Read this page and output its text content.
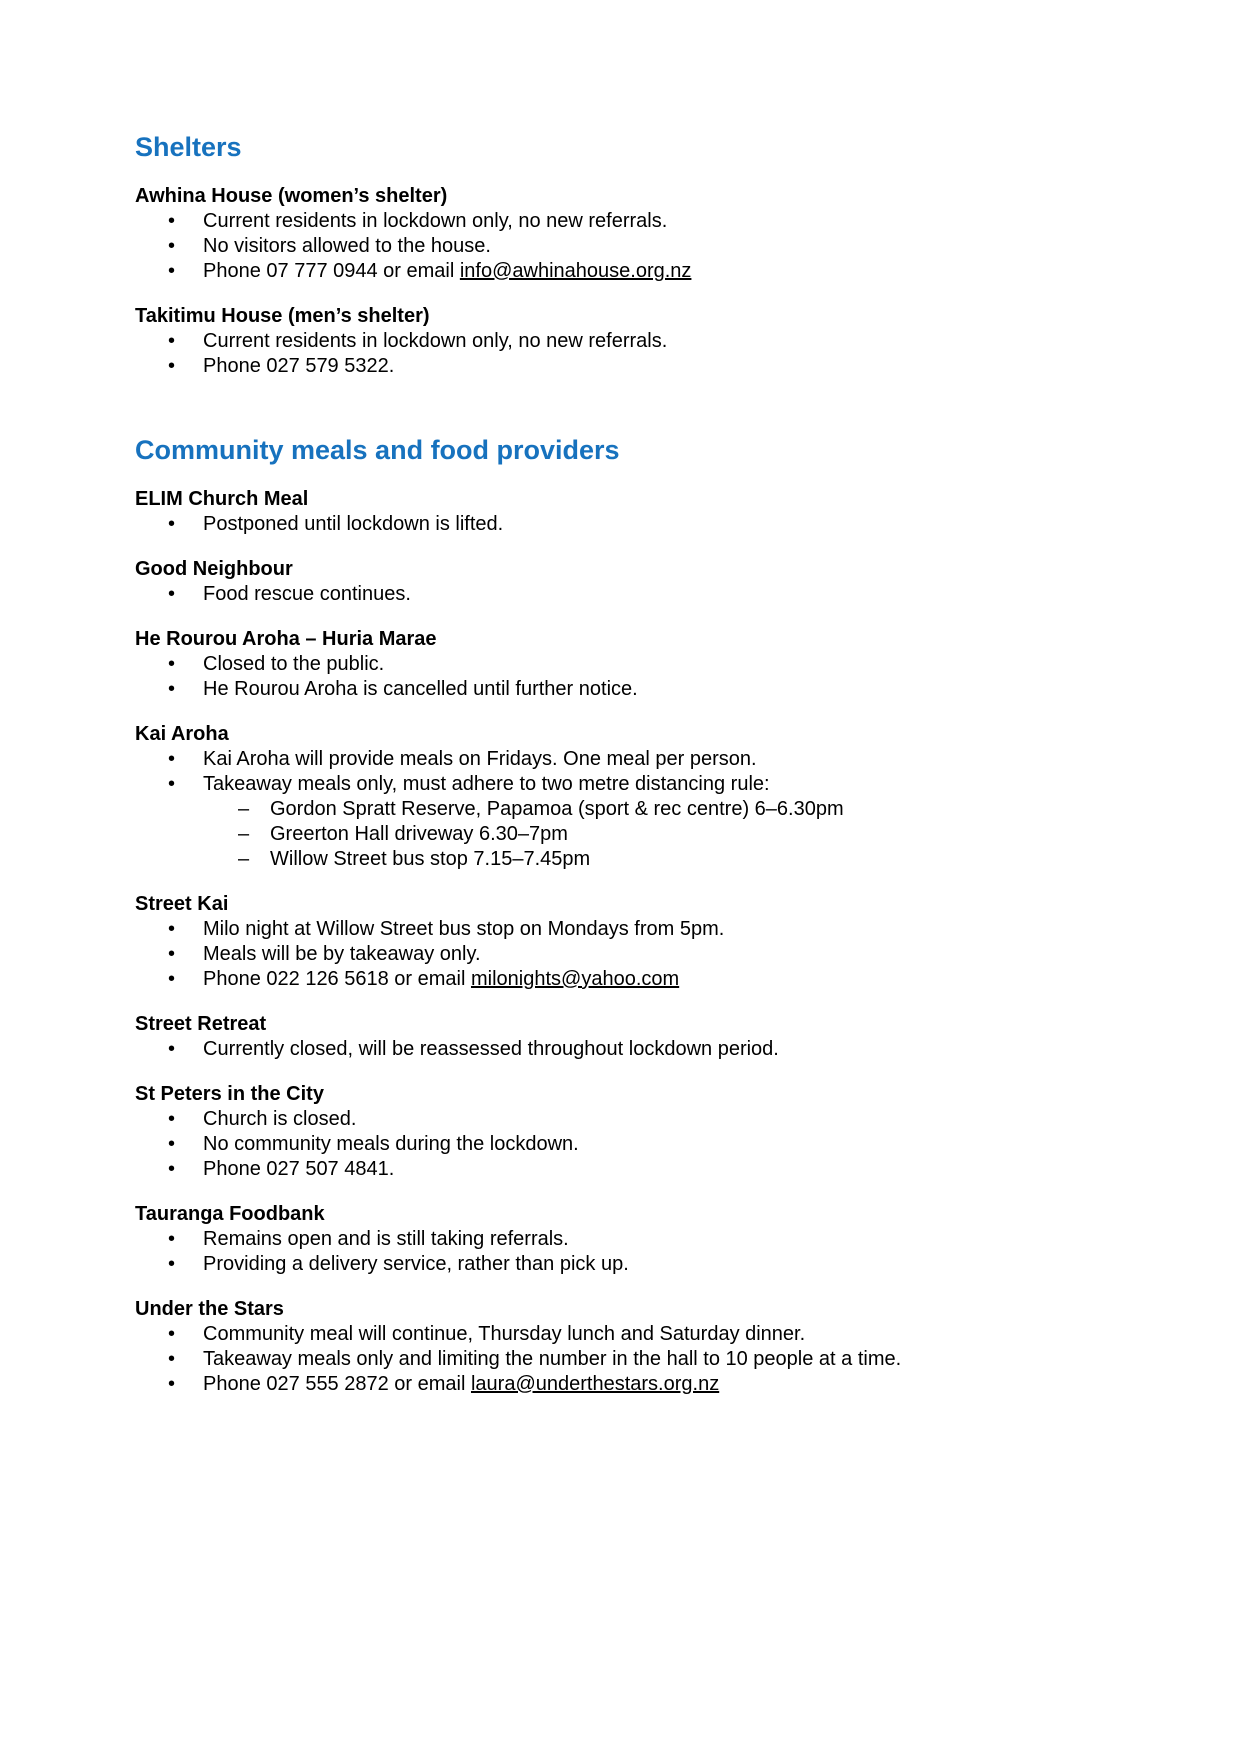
Shelters

Awhina House (women’s shelter)

• Current residents in lockdown only, no new referrals.
• No visitors allowed to the house.
• Phone 07 777 0944 or email info@awhinahouse.org.nz

Takitimu House (men’s shelter)

• Current residents in lockdown only, no new referrals.
• Phone 027 579 5322.
Community meals and food providers

ELIM Church Meal

• Postponed until lockdown is lifted.

Good Neighbour

• Food rescue continues.

He Rourou Aroha – Huria Marae

• Closed to the public.
• He Rourou Aroha is cancelled until further notice.

Kai Aroha

• Kai Aroha will provide meals on Fridays. One meal per person.
• Takeaway meals only, must adhere to two metre distancing rule:
– Gordon Spratt Reserve, Papamoa (sport & rec centre) 6–6.30pm
– Greerton Hall driveway 6.30–7pm
– Willow Street bus stop 7.15–7.45pm

Street Kai

• Milo night at Willow Street bus stop on Mondays from 5pm.
• Meals will be by takeaway only.
• Phone 022 126 5618 or email milonights@yahoo.com

Street Retreat

• Currently closed, will be reassessed throughout lockdown period.

St Peters in the City

• Church is closed.
• No community meals during the lockdown.
• Phone 027 507 4841.

Tauranga Foodbank

• Remains open and is still taking referrals.
• Providing a delivery service, rather than pick up.

Under the Stars

• Community meal will continue, Thursday lunch and Saturday dinner.
• Takeaway meals only and limiting the number in the hall to 10 people at a time.
• Phone 027 555 2872 or email laura@underthestars.org.nz
